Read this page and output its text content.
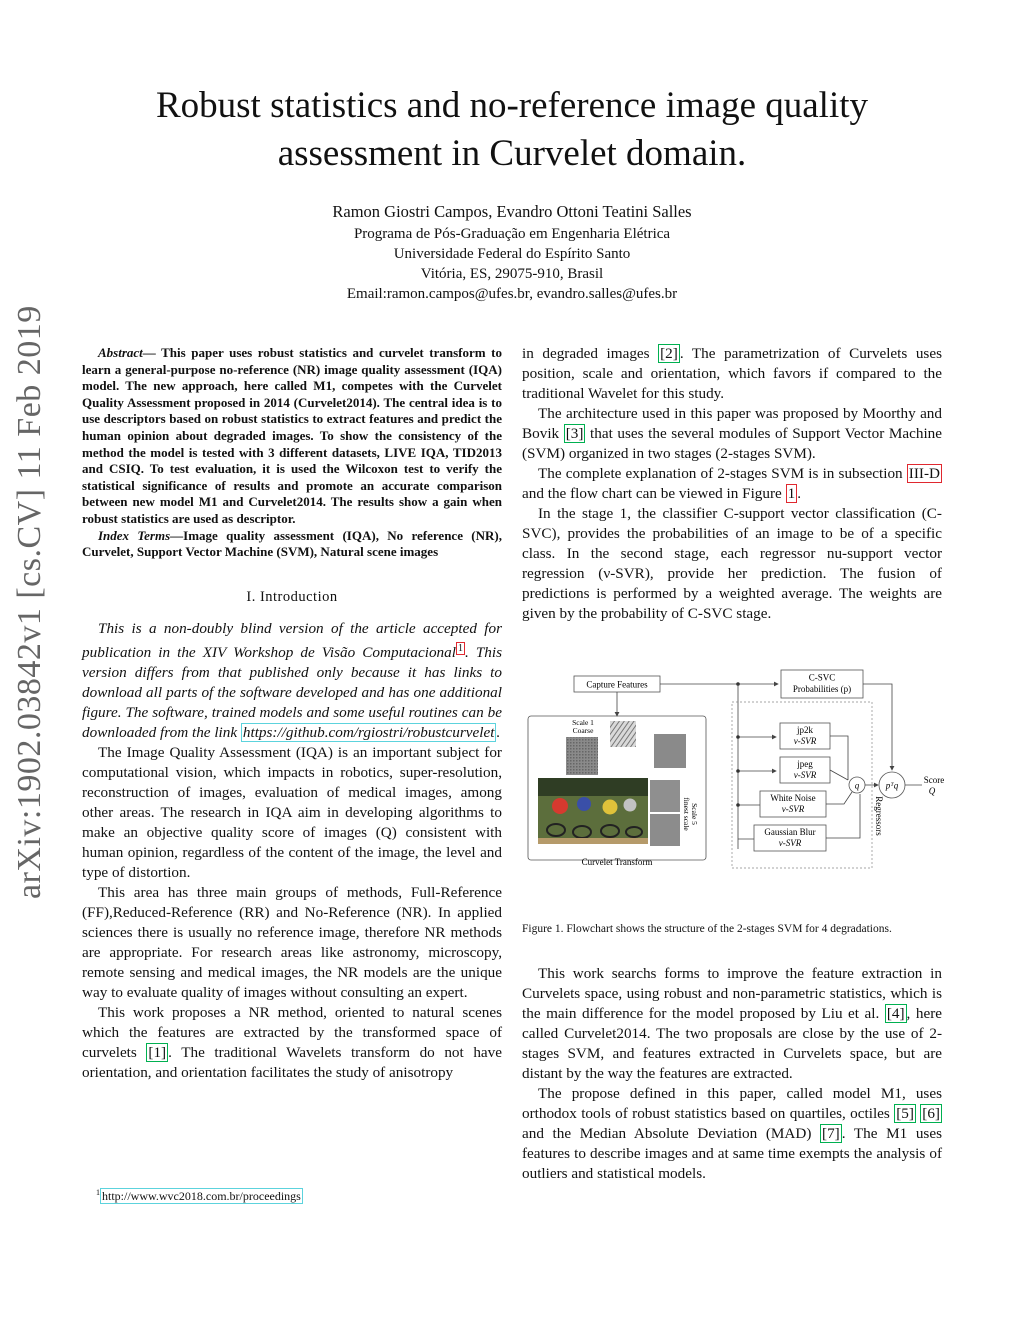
Robust statistics and no-reference image quality
assessment in Curvelet domain.
Ramon Giostri Campos, Evandro Ottoni Teatini Salles
Programa de Pós-Graduação em Engenharia Elétrica
Universidade Federal do Espírito Santo
Vitória, ES, 29075-910, Brasil
Email:ramon.campos@ufes.br, evandro.salles@ufes.br
arXiv:1902.03842v1 [cs.CV] 11 Feb 2019	Abstract— This paper uses robust statistics and curvelet transform to learn a general-purpose no-reference (NR) image quality assessment (IQA) model. The new approach, here called M1, competes with the Curvelet Quality Assessment proposed in 2014 (Curvelet2014). The central idea is to use descriptors based on robust statistics to extract features and predict the human opinion about degraded images. To show the consistency of the method the model is tested with 3 different datasets, LIVE IQA, TID2013 and CSIQ. To test evaluation, it is used the Wilcoxon test to verify the statistical significance of results and promote an accurate comparison between new model M1 and Curvelet2014. The results show a gain when robust statistics are used as descriptor.

Index Terms—Image quality assessment (IQA), No reference (NR), Curvelet, Support Vector Machine (SVM), Natural scene images

I. Introduction

This is a non-doubly blind version of the article accepted for publication in the XIV Workshop de Visão Computacional $^1$ . This version differs from that published only because it has links to download all parts of the software developed and has one additional figure. The software, trained models and some useful routines can be downloaded from the link https://github.com/rgiostri/robustcurvelet .

The Image Quality Assessment (IQA) is an important subject for computational vision, which impacts in robotics, super-resolution, reconstruction of images, evaluation of medical images, among other areas. The research in IQA aim in developing algorithms to make an objective quality score of images (Q) consistent with human opinion, regardless of the content of the image, the level and type of distortion.

This area has three main groups of methods, Full-Reference (FF),Reduced-Reference (RR) and No-Reference (NR). In applied sciences there is usually no reference image, therefore NR methods are appropriate. For research areas like astronomy, microscopy, remote sensing and medical images, the NR models are the unique way to evaluate quality of images without consulting an expert.

This work proposes a NR method, oriented to natural scenes which the features are extracted by the transformed space of curvelets [1] . The traditional Wavelets transform do not have orientation, and orientation facilitates the study of anisotropy

$^1$ http://www.wvc2018.com.br/proceedings

in degraded images [2] . The parametrization of Curvelets uses position, scale and orientation, which favors if compared to the traditional Wavelet for this study.

The architecture used in this paper was proposed by Moorthy and Bovik [3] that uses the several modules of Support Vector Machine (SVM) organized in two stages (2-stages SVM).

The complete explanation of 2-stages SVM is in subsection III-D and the flow chart can be viewed in Figure 1 .

In the stage 1, the classifier C-support vector classification (C-SVC), provides the probabilities of an image to be of a specific class. In the second stage, each regressor nu-support vector regression (ν-SVR), provide her prediction. The fusion of predictions is performed by a weighted average. The weights are given by the probability of C-SVC stage.

Capture Features
C-SVC
Probabilities (p)
Curvelet Transform
Scale 1
Coarse
Scale 5
finest scale	Regressors
jp2k
ν-SVR
jpeg
ν-SVR
White Noise
ν-SVR
Gaussian Blur
ν-SVR
q	pᵀq
Score
Q
Figure 1. Flowchart shows the structure of the 2-stages SVM for 4 degradations.

This work searchs forms to improve the feature extraction in Curvelets space, using robust and non-parametric statistics, which is the main difference for the model proposed by Liu et al. [4] , here called Curvelet2014. The two proposals are close by the use of 2-stages SVM, and features extracted in Curvelets space, but are distant by the way the features are extracted.

The propose defined in this paper, called model M1, uses orthodox tools of robust statistics based on quartiles, octiles [5] [6] and the Median Absolute Deviation (MAD) [7] . The M1 uses features to describe images and at same time exempts the analysis of outliers and statistical models.
